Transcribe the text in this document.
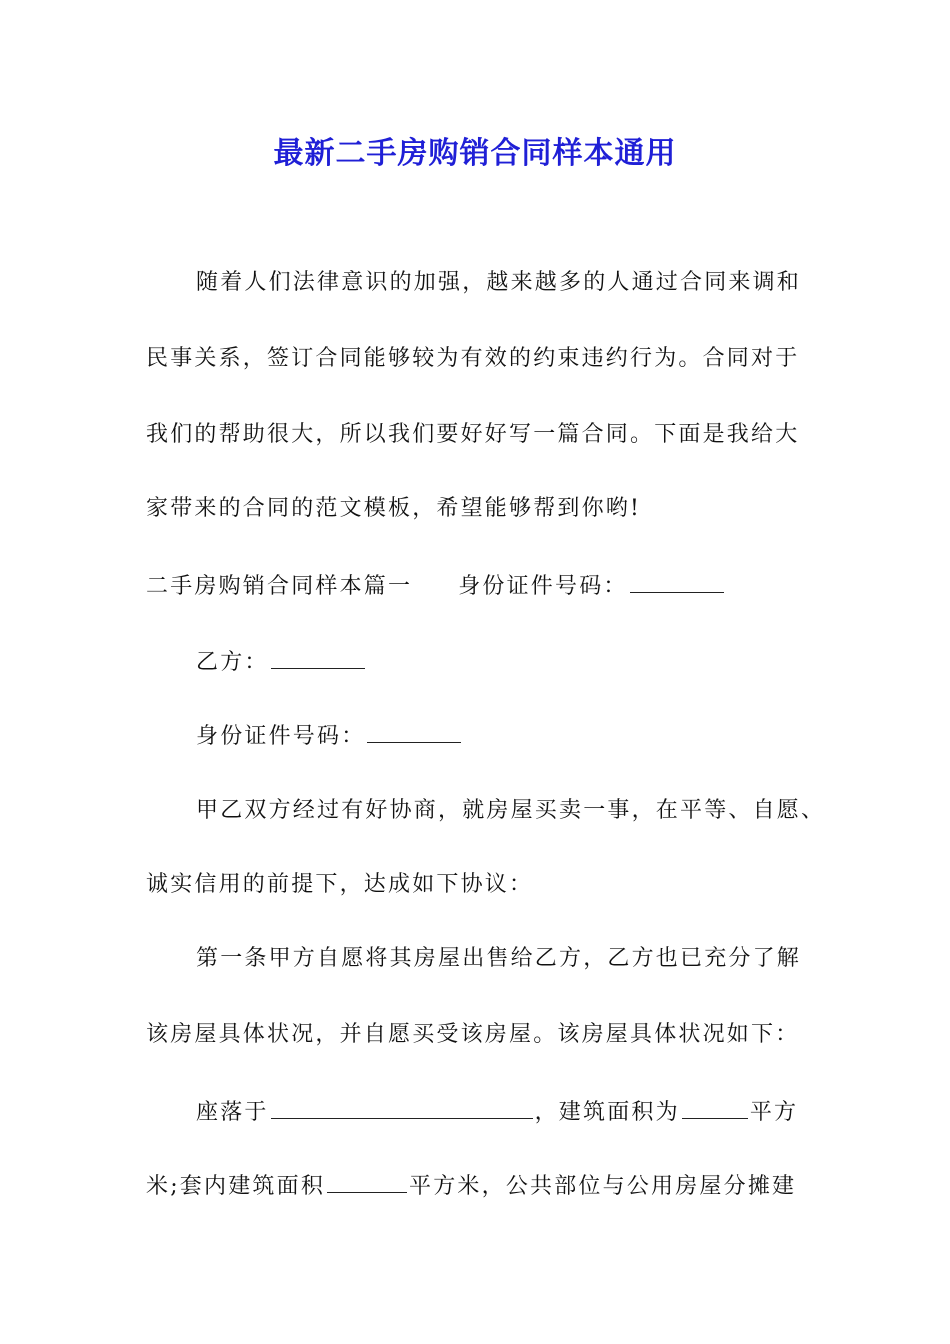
最新二手房购销合同样本通用
随着人们法律意识的加强，越来越多的人通过合同来调和
民事关系，签订合同能够较为有效的约束违约行为。合同对于
我们的帮助很大，所以我们要好好写一篇合同。下面是我给大
家带来的合同的范文模板，希望能够帮到你哟!
二手房购销合同样本篇一 身份证件号码：
乙方：
身份证件号码：
甲乙双方经过有好协商，就房屋买卖一事，在平等、自愿、
诚实信用的前提下，达成如下协议：
第一条甲方自愿将其房屋出售给乙方，乙方也已充分了解
该房屋具体状况，并自愿买受该房屋。该房屋具体状况如下：
座落于	，建筑面积为	平方
米;套内建筑面积	平方米，公共部位与公用房屋分摊建
